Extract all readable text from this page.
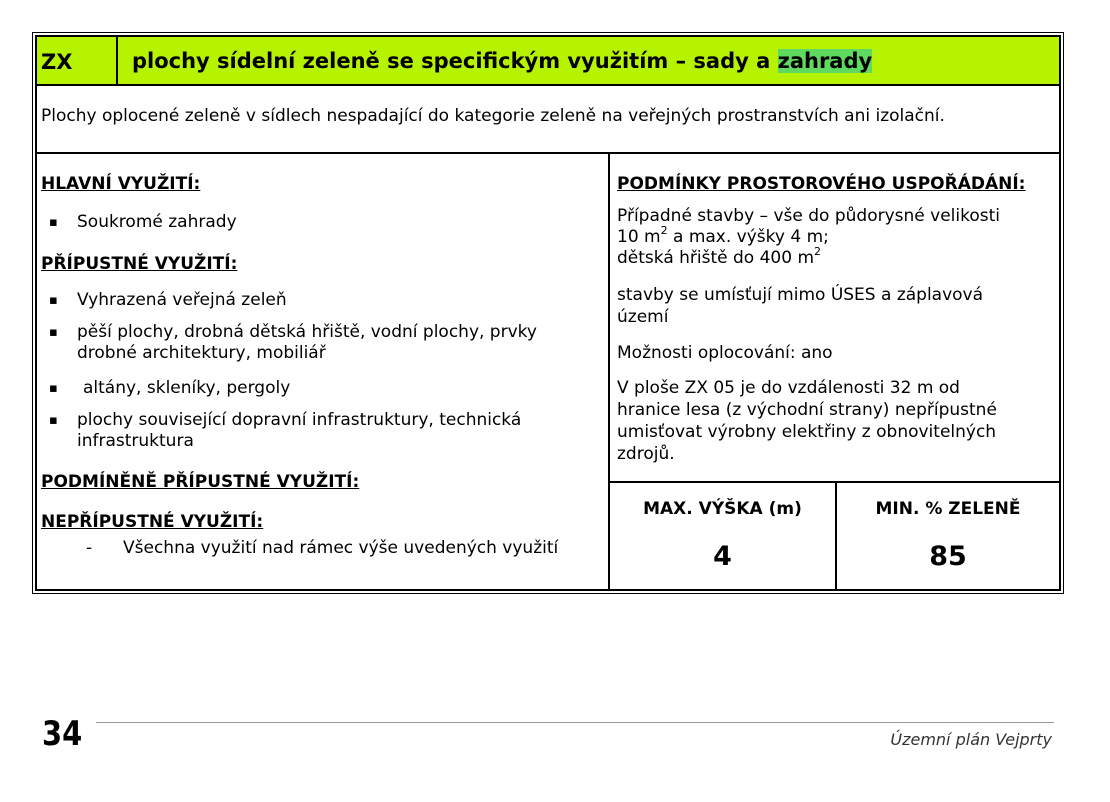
ZX	plochy sídelní zeleně se specifickým využitím – sady a zahrady
Plochy oplocené zeleně v sídlech nespadající do kategorie zeleně na veřejných prostranstvích ani izolační.
HLAVNÍ VYUŽITÍ:
▪ Soukromé zahrady
PŘÍPUSTNÉ VYUŽITÍ:
▪ Vyhrazená veřejná zeleň
▪ pěší plochy, drobná dětská hřiště, vodní plochy, prvky drobné architektury, mobiliář
▪ altány, skleníky, pergoly
▪ plochy související dopravní infrastruktury, technická infrastruktura
PODMÍNĚNĚ PŘÍPUSTNÉ VYUŽITÍ:
NEPŘÍPUSTNÉ VYUŽITÍ:
- Všechna využití nad rámec výše uvedených využití
PODMÍNKY PROSTOROVÉHO USPOŘÁDÁNÍ:
Případné stavby – vše do půdorysné velikosti
10 $m^2$ a max. výšky 4 m;
dětská hřiště do 400 $m^2$
stavby se umísťují mimo ÚSES a záplavová
území
Možnosti oplocování: ano
V ploše ZX 05 je do vzdálenosti 32 m od
hranice lesa (z východní strany) nepřípustné
umisťovat výrobny elektřiny z obnovitelných
zdrojů.
MAX. VÝŠKA (m)
4
MIN. % ZELENĚ
85
34	Územní plán Vejprty
